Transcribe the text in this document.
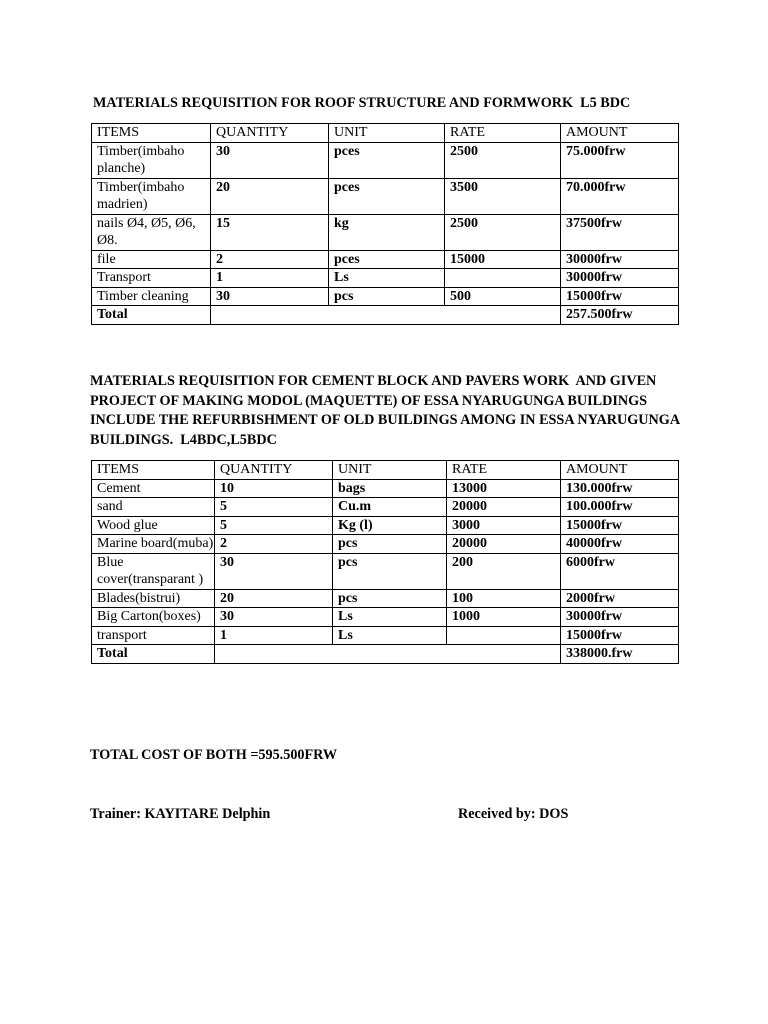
MATERIALS REQUISITION FOR ROOF STRUCTURE AND FORMWORK  L5 BDC
ITEMS	QUANTITY	UNIT	RATE	AMOUNT
Timber(imbaho planche)	30	pces	2500	75.000frw
Timber(imbaho madrien)	20	pces	3500	70.000frw
nails Ø4, Ø5, Ø6, Ø8.	15	kg	2500	37500frw
file	2	pces	15000	30000frw
Transport	1	Ls		30000frw
Timber cleaning	30	pcs	500	15000frw
Total				257.500frw
MATERIALS REQUISITION FOR CEMENT BLOCK AND PAVERS WORK  AND GIVEN PROJECT OF MAKING MODOL (MAQUETTE) OF ESSA NYARUGUNGA BUILDINGS INCLUDE THE REFURBISHMENT OF OLD BUILDINGS AMONG IN ESSA NYARUGUNGA BUILDINGS.  L4BDC,L5BDC
ITEMS	QUANTITY	UNIT	RATE	AMOUNT
Cement	10	bags	13000	130.000frw
sand	5	Cu.m	20000	100.000frw
Wood glue	5	Kg (l)	3000	15000frw
Marine board(muba)	2	pcs	20000	40000frw
Blue cover(transparant )	30	pcs	200	6000frw
Blades(bistrui)	20	pcs	100	2000frw
Big Carton(boxes)	30	Ls	1000	30000frw
transport	1	Ls		15000frw
Total				338000.frw
TOTAL COST OF BOTH =595.500FRW
Trainer: KAYITARE Delphin	Received by: DOS
